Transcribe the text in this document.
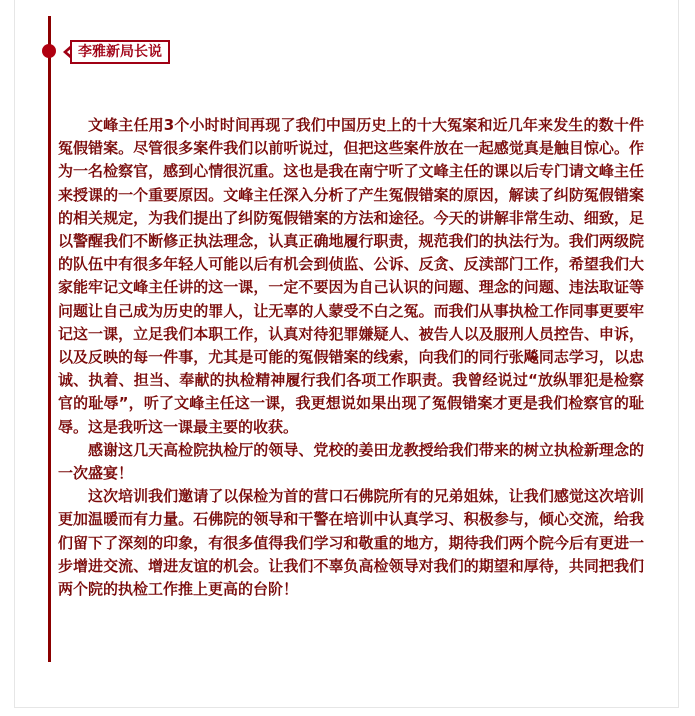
李雅新局长说

文峰主任用3个小时时间再现了我们中国历史上的十大冤案和近几年来发生的数十件冤假错案。尽管很多案件我们以前听说过，但把这些案件放在一起感觉真是触目惊心。作为一名检察官，感到心情很沉重。这也是我在南宁听了文峰主任的课以后专门请文峰主任来授课的一个重要原因。文峰主任深入分析了产生冤假错案的原因，解读了纠防冤假错案的相关规定，为我们提出了纠防冤假错案的方法和途径。今天的讲解非常生动、细致，足以警醒我们不断修正执法理念，认真正确地履行职责，规范我们的执法行为。我们两级院的队伍中有很多年轻人可能以后有机会到侦监、公诉、反贪、反渎部门工作，希望我们大家能牢记文峰主任讲的这一课，一定不要因为自己认识的问题、理念的问题、违法取证等问题让自己成为历史的罪人，让无辜的人蒙受不白之冤。而我们从事执检工作同事更要牢记这一课，立足我们本职工作，认真对待犯罪嫌疑人、被告人以及服刑人员控告、申诉，以及反映的每一件事，尤其是可能的冤假错案的线索，向我们的同行张飚同志学习，以忠诚、执着、担当、奉献的执检精神履行我们各项工作职责。我曾经说过“放纵罪犯是检察官的耻辱”，听了文峰主任这一课，我更想说如果出现了冤假错案才更是我们检察官的耻辱。这是我听这一课最主要的收获。

感谢这几天高检院执检厅的领导、党校的姜田龙教授给我们带来的树立执检新理念的一次盛宴！

这次培训我们邀请了以保检为首的营口石佛院所有的兄弟姐妹，让我们感觉这次培训更加温暖而有力量。石佛院的领导和干警在培训中认真学习、积极参与，倾心交流，给我们留下了深刻的印象，有很多值得我们学习和敬重的地方，期待我们两个院今后有更进一步增进交流、增进友谊的机会。让我们不辜负高检领导对我们的期望和厚待，共同把我们两个院的执检工作推上更高的台阶！
